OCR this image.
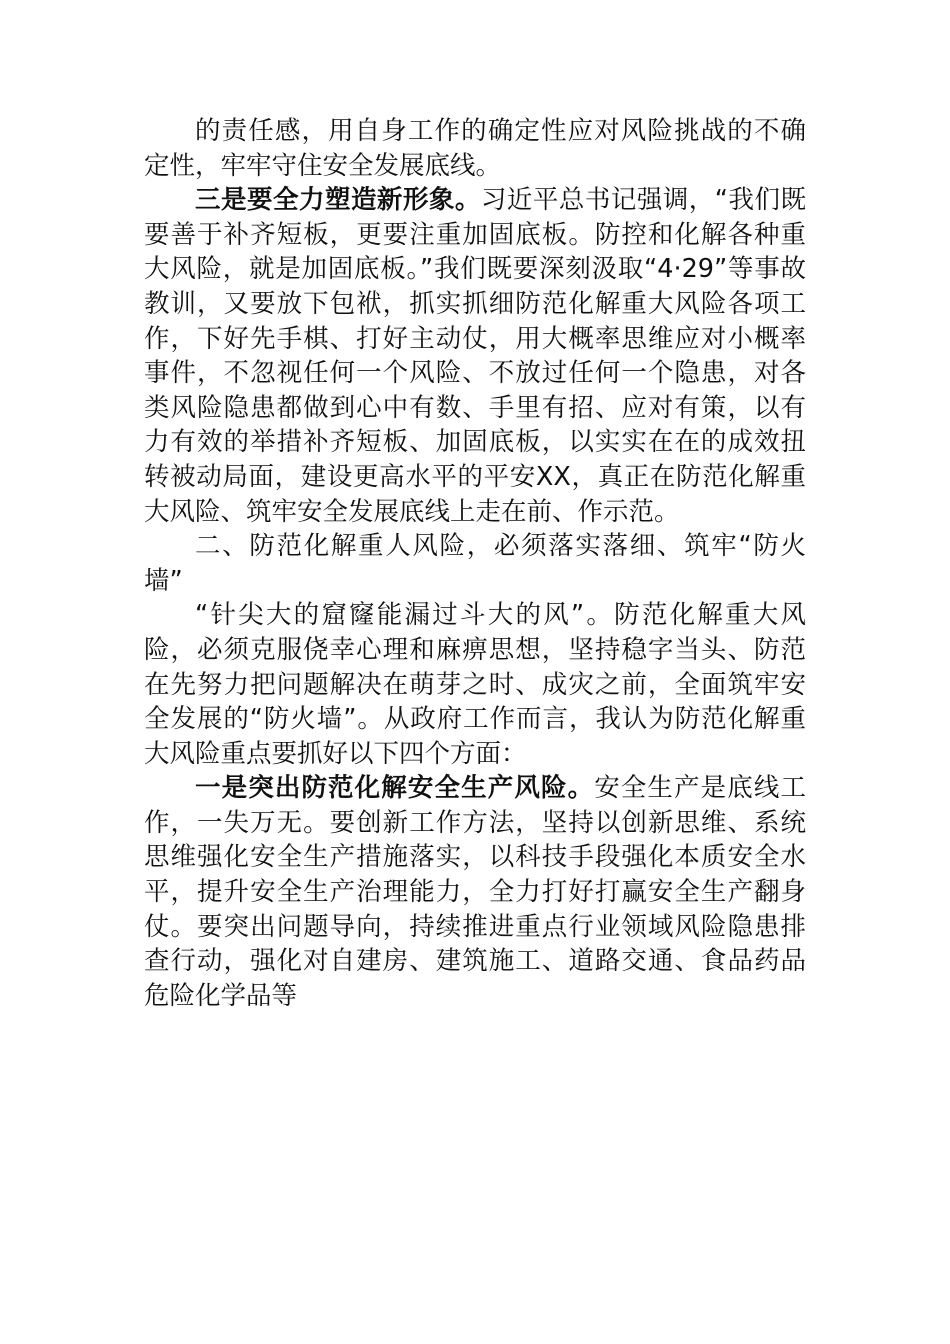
的责任感，用自身工作的确定性应对风险挑战的不确定性，牢牢守住安全发展底线。

三是要全力塑造新形象。习近平总书记强调，“我们既要善于补齐短板，更要注重加固底板。防控和化解各种重大风险，就是加固底板。”我们既要深刻汲取“4·29”等事故教训，又要放下包袱，抓实抓细防范化解重大风险各项工作，下好先手棋、打好主动仗，用大概率思维应对小概率事件，不忽视任何一个风险、不放过任何一个隐患，对各类风险隐患都做到心中有数、手里有招、应对有策，以有力有效的举措补齐短板、加固底板，以实实在在的成效扭转被动局面，建设更高水平的平安XX，真正在防范化解重大风险、筑牢安全发展底线上走在前、作示范。

二、防范化解重人风险，必须落实落细、筑牢“防火墙”

“针尖大的窟窿能漏过斗大的风”。防范化解重大风险，必须克服侥幸心理和麻痹思想，坚持稳字当头、防范在先努力把问题解决在萌芽之时、成灾之前，全面筑牢安全发展的“防火墙”。从政府工作而言，我认为防范化解重大风险重点要抓好以下四个方面：

一是突出防范化解安全生产风险。安全生产是底线工作，一失万无。要创新工作方法，坚持以创新思维、系统思维强化安全生产措施落实，以科技手段强化本质安全水平，提升安全生产治理能力，全力打好打赢安全生产翻身仗。要突出问题导向，持续推进重点行业领域风险隐患排查行动，强化对自建房、建筑施工、道路交通、食品药品危险化学品等
